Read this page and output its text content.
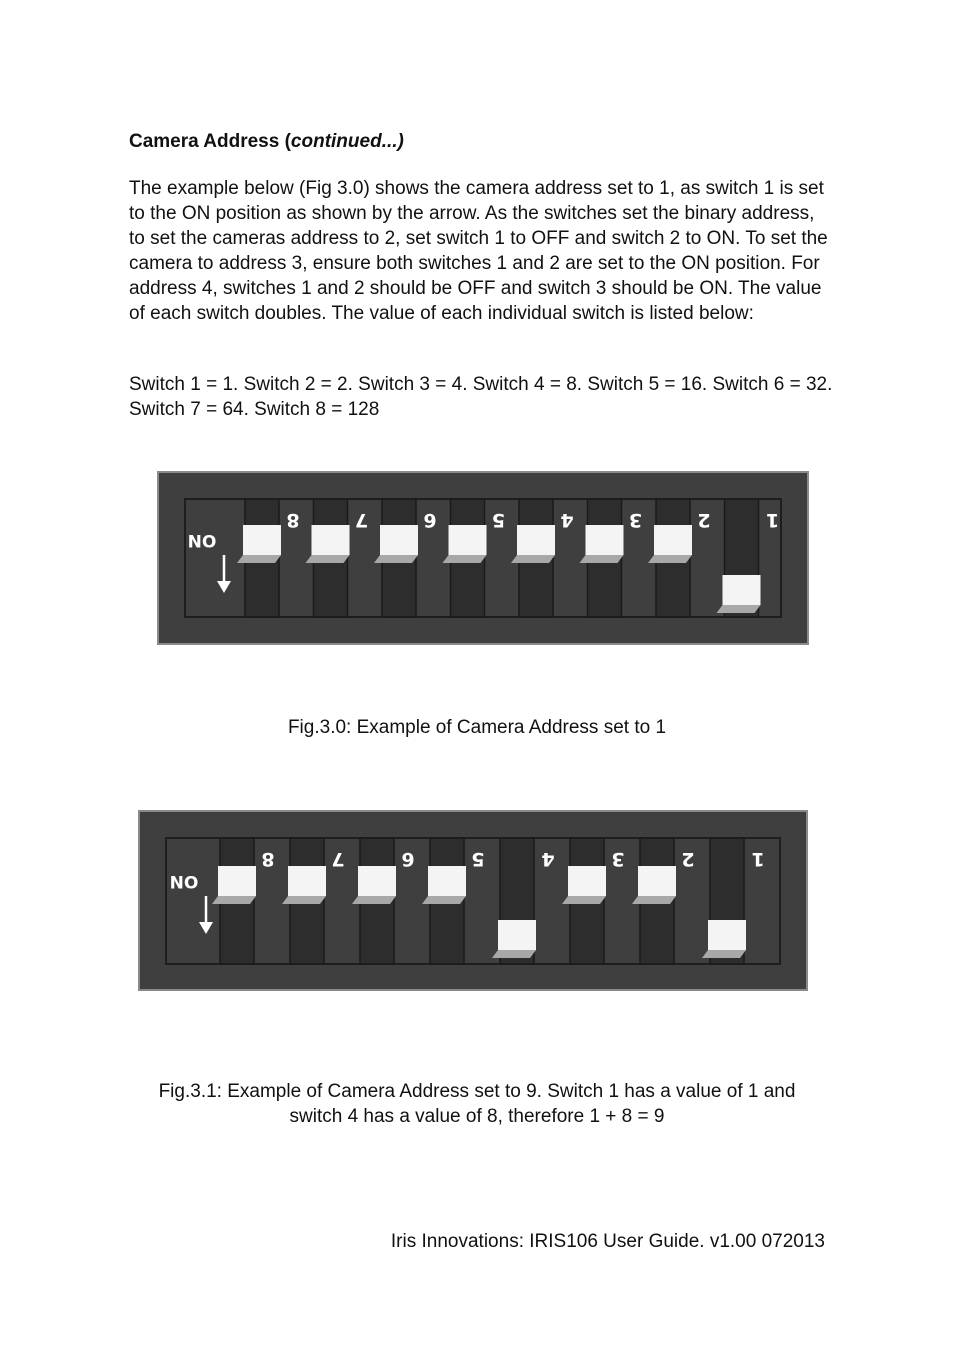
Camera Address (continued...)

The example below (Fig 3.0) shows the camera address set to 1, as switch 1 is set to the ON position as shown by the arrow. As the switches set the binary address, to set the cameras address to 2, set switch 1 to OFF and switch 2 to ON. To set the camera to address 3, ensure both switches 1 and 2 are set to the ON position. For address 4, switches 1 and 2 should be OFF and switch 3 should be ON. The value of each switch doubles. The value of each individual switch is listed below:

Switch 1 = 1. Switch 2 = 2. Switch 3 = 4. Switch 4 = 8. Switch 5 = 16. Switch 6 = 32. Switch 7 = 64. Switch 8 = 128

ON
8	7	6	5	4	3	2	1
Fig.3.0: Example of Camera Address set to 1
ON
8	7	6	5	4	3	2	1
Fig.3.1: Example of Camera Address set to 9. Switch 1 has a value of 1 and switch 4 has a value of 8, therefore 1 + 8 = 9
Iris Innovations: IRIS106 User Guide. v1.00 072013
